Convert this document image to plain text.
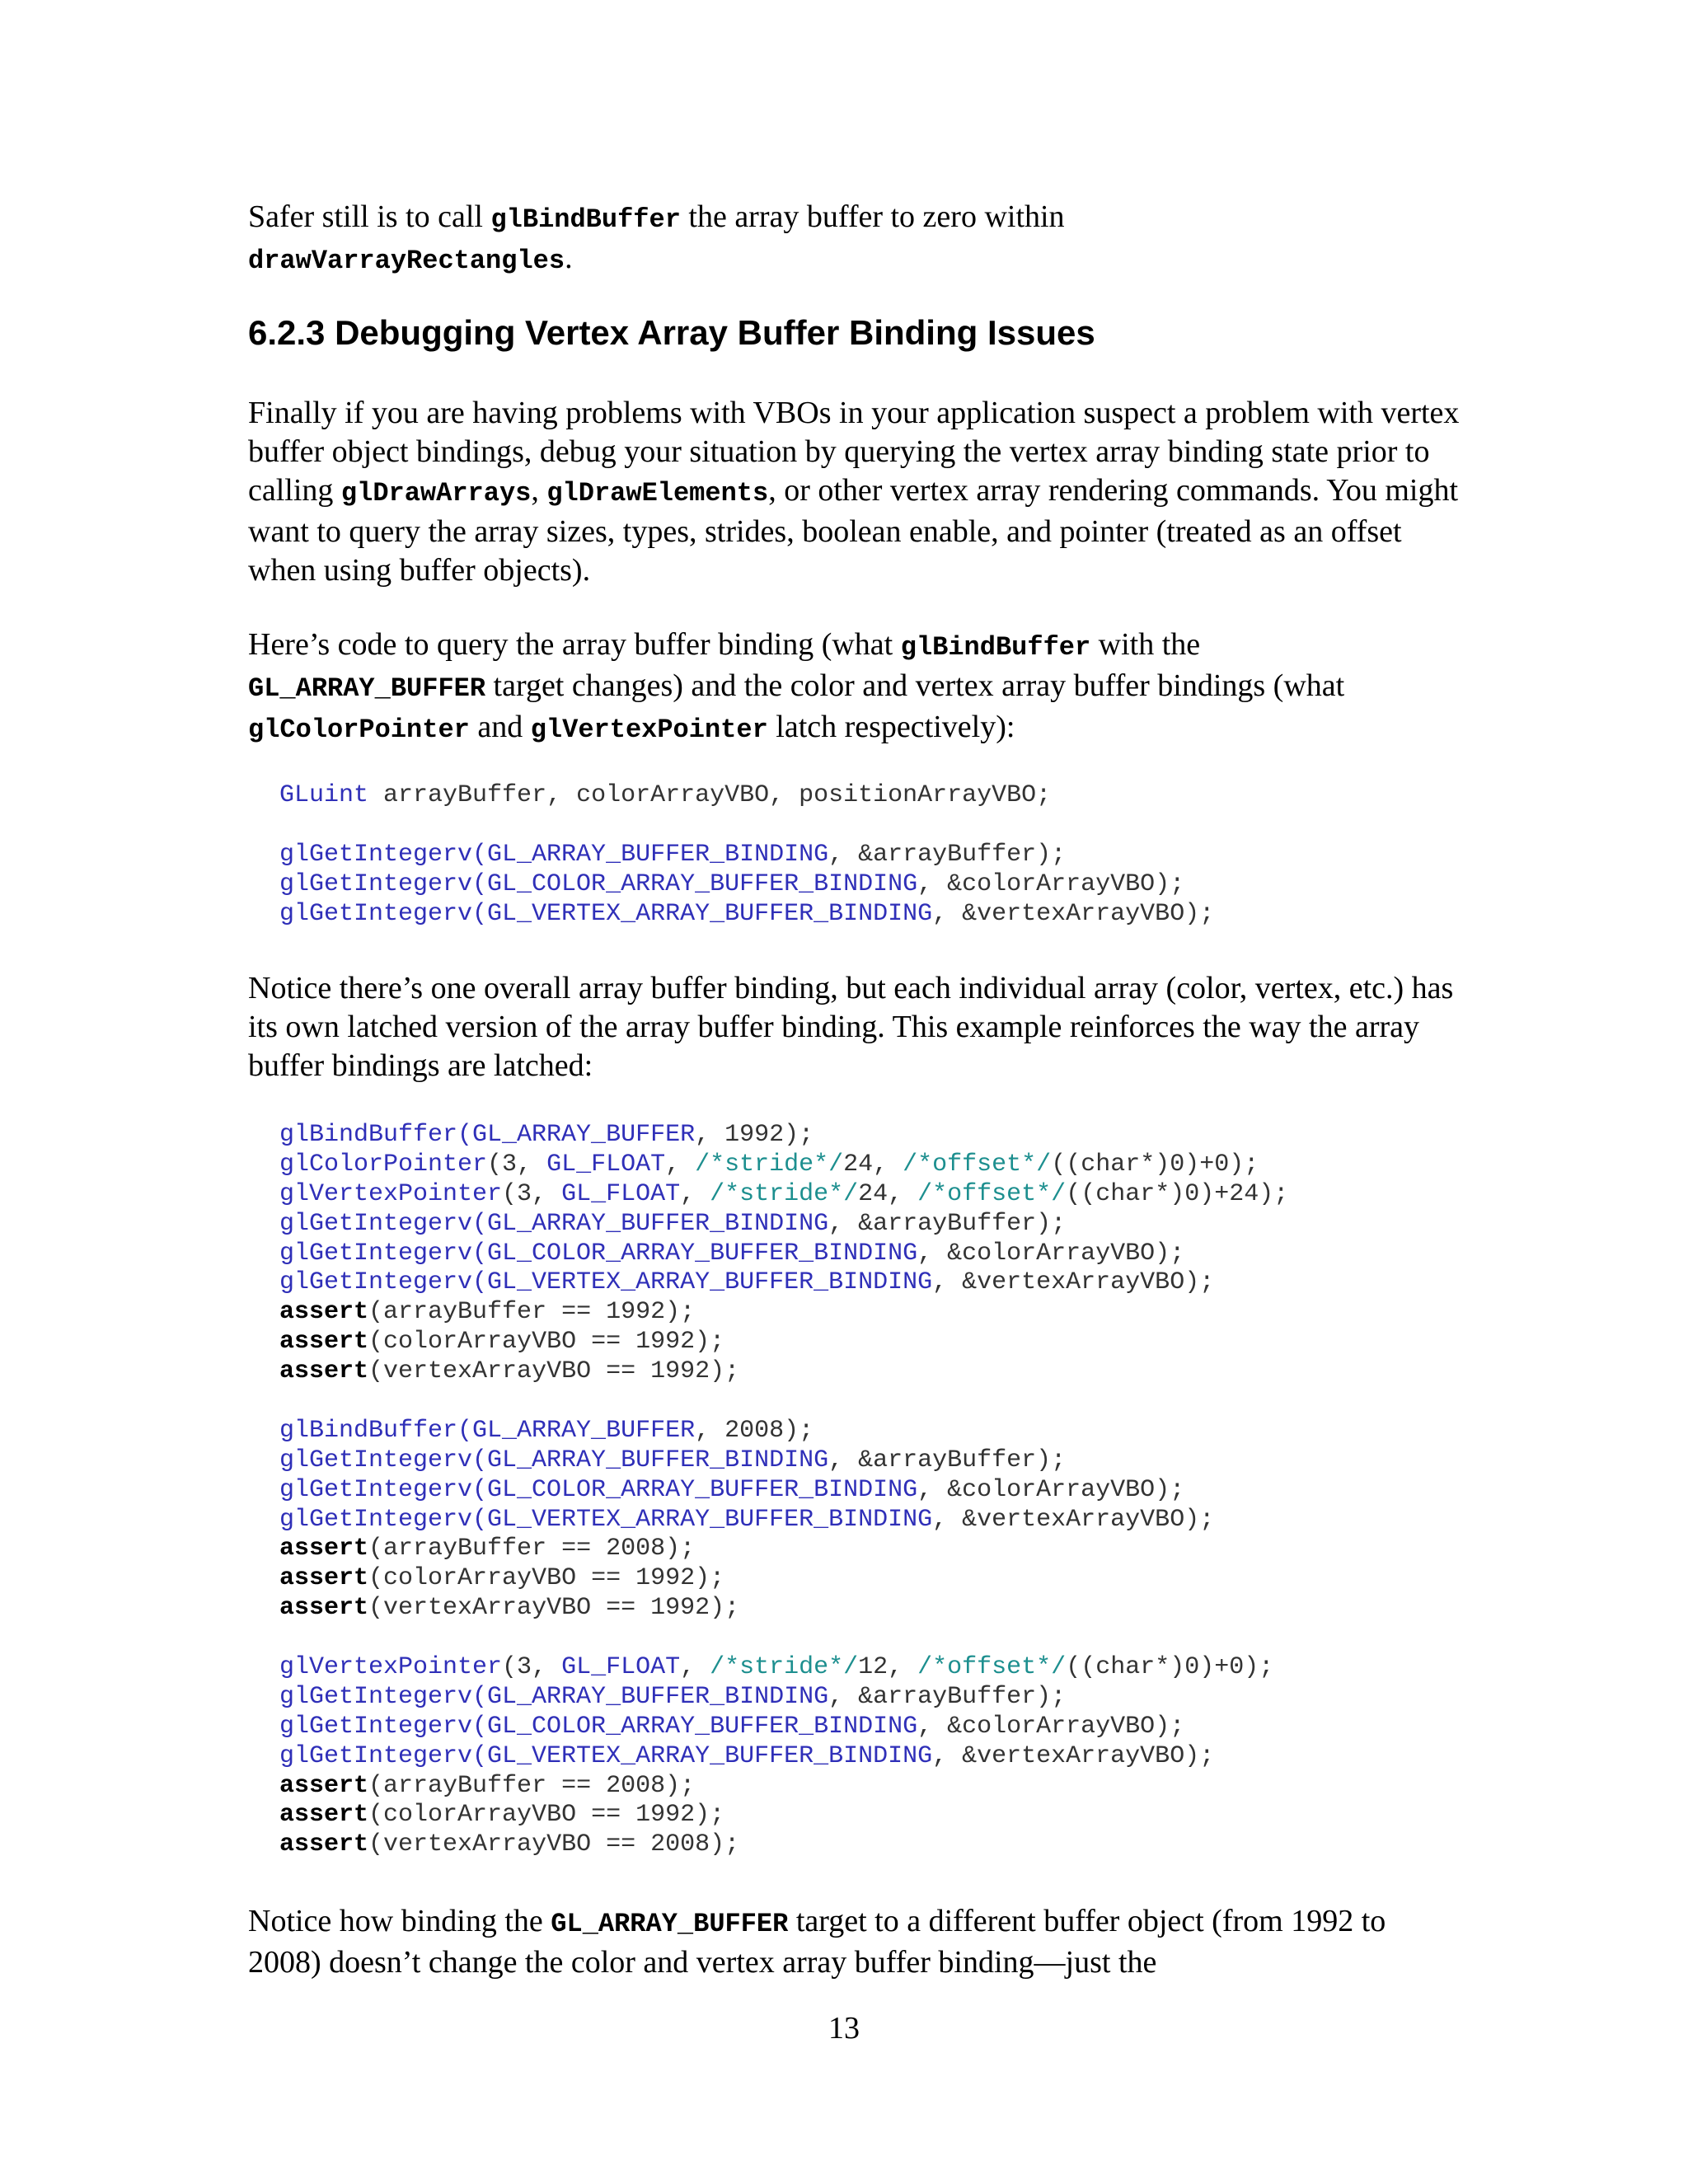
Safer still is to call glBindBuffer the array buffer to zero within
drawVarrayRectangles.

6.2.3 Debugging Vertex Array Buffer Binding Issues

Finally if you are having problems with VBOs in your application suspect a problem with vertex buffer object bindings, debug your situation by querying the vertex array binding state prior to calling glDrawArrays, glDrawElements, or other vertex array rendering commands. You might want to query the array sizes, types, strides, boolean enable, and pointer (treated as an offset when using buffer objects).

Here’s code to query the array buffer binding (what glBindBuffer with the
GL_ARRAY_BUFFER target changes) and the color and vertex array buffer bindings (what
glColorPointer and glVertexPointer latch respectively):

GLuint arrayBuffer, colorArrayVBO, positionArrayVBO;
glGetIntegerv(GL_ARRAY_BUFFER_BINDING, &arrayBuffer);
glGetIntegerv(GL_COLOR_ARRAY_BUFFER_BINDING, &colorArrayVBO);
glGetIntegerv(GL_VERTEX_ARRAY_BUFFER_BINDING, &vertexArrayVBO);

Notice there’s one overall array buffer binding, but each individual array (color, vertex, etc.) has its own latched version of the array buffer binding. This example reinforces the way the array buffer bindings are latched:

glBindBuffer(GL_ARRAY_BUFFER, 1992);
glColorPointer(3, GL_FLOAT, /*stride*/24, /*offset*/((char*)0)+0);
glVertexPointer(3, GL_FLOAT, /*stride*/24, /*offset*/((char*)0)+24);
glGetIntegerv(GL_ARRAY_BUFFER_BINDING, &arrayBuffer);
glGetIntegerv(GL_COLOR_ARRAY_BUFFER_BINDING, &colorArrayVBO);
glGetIntegerv(GL_VERTEX_ARRAY_BUFFER_BINDING, &vertexArrayVBO);
assert(arrayBuffer == 1992);
assert(colorArrayVBO == 1992);
assert(vertexArrayVBO == 1992);
glBindBuffer(GL_ARRAY_BUFFER, 2008);
glGetIntegerv(GL_ARRAY_BUFFER_BINDING, &arrayBuffer);
glGetIntegerv(GL_COLOR_ARRAY_BUFFER_BINDING, &colorArrayVBO);
glGetIntegerv(GL_VERTEX_ARRAY_BUFFER_BINDING, &vertexArrayVBO);
assert(arrayBuffer == 2008);
assert(colorArrayVBO == 1992);
assert(vertexArrayVBO == 1992);
glVertexPointer(3, GL_FLOAT, /*stride*/12, /*offset*/((char*)0)+0);
glGetIntegerv(GL_ARRAY_BUFFER_BINDING, &arrayBuffer);
glGetIntegerv(GL_COLOR_ARRAY_BUFFER_BINDING, &colorArrayVBO);
glGetIntegerv(GL_VERTEX_ARRAY_BUFFER_BINDING, &vertexArrayVBO);
assert(arrayBuffer == 2008);
assert(colorArrayVBO == 1992);
assert(vertexArrayVBO == 2008);

Notice how binding the GL_ARRAY_BUFFER target to a different buffer object (from 1992 to 2008) doesn’t change the color and vertex array buffer binding—just the

13
